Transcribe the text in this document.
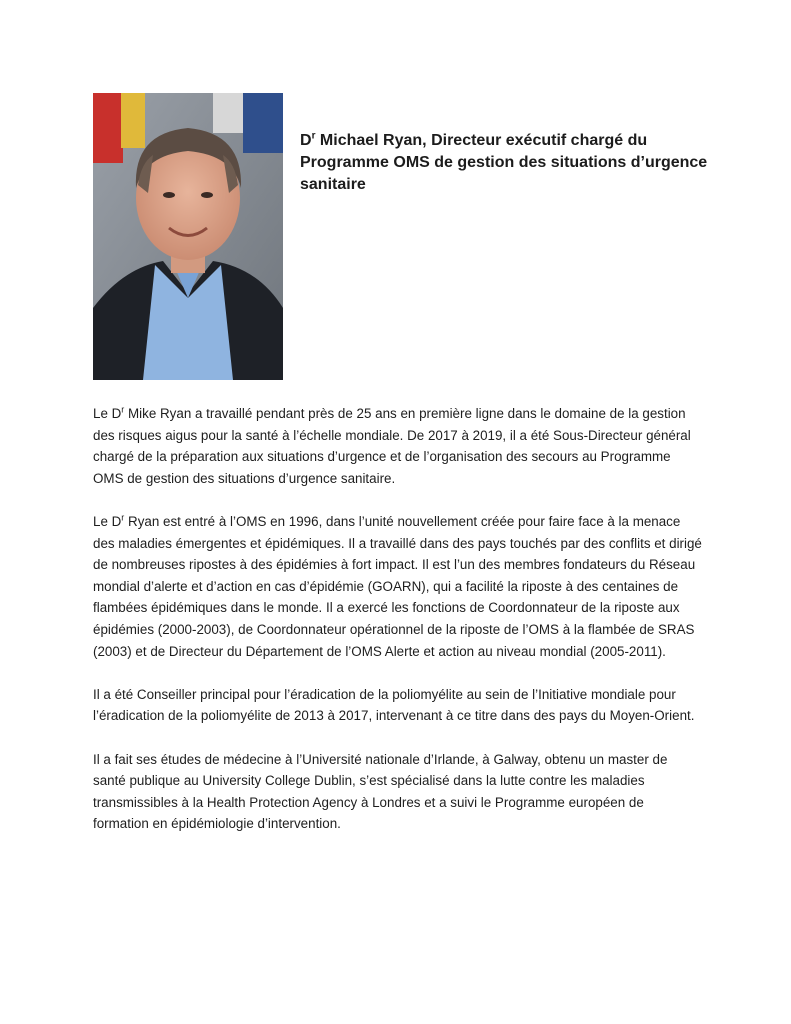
$D^r$ Michael Ryan, Directeur exécutif chargé du Programme OMS de gestion des situations d’urgence sanitaire

Le $D^r$ Mike Ryan a travaillé pendant près de 25 ans en première ligne dans le domaine de la gestion des risques aigus pour la santé à l’échelle mondiale. De 2017 à 2019, il a été Sous-Directeur général chargé de la préparation aux situations d’urgence et de l’organisation des secours au Programme OMS de gestion des situations d’urgence sanitaire.

Le $D^r$ Ryan est entré à l’OMS en 1996, dans l’unité nouvellement créée pour faire face à la menace des maladies émergentes et épidémiques. Il a travaillé dans des pays touchés par des conflits et dirigé de nombreuses ripostes à des épidémies à fort impact. Il est l’un des membres fondateurs du Réseau mondial d’alerte et d’action en cas d’épidémie (GOARN), qui a facilité la riposte à des centaines de flambées épidémiques dans le monde. Il a exercé les fonctions de Coordonnateur de la riposte aux épidémies (2000-2003), de Coordonnateur opérationnel de la riposte de l’OMS à la flambée de SRAS (2003) et de Directeur du Département de l’OMS Alerte et action au niveau mondial (2005-2011).

Il a été Conseiller principal pour l’éradication de la poliomyélite au sein de l’Initiative mondiale pour l’éradication de la poliomyélite de 2013 à 2017, intervenant à ce titre dans des pays du Moyen-Orient.

Il a fait ses études de médecine à l’Université nationale d’Irlande, à Galway, obtenu un master de santé publique au University College Dublin, s’est spécialisé dans la lutte contre les maladies transmissibles à la Health Protection Agency à Londres et a suivi le Programme européen de formation en épidémiologie d’intervention.
